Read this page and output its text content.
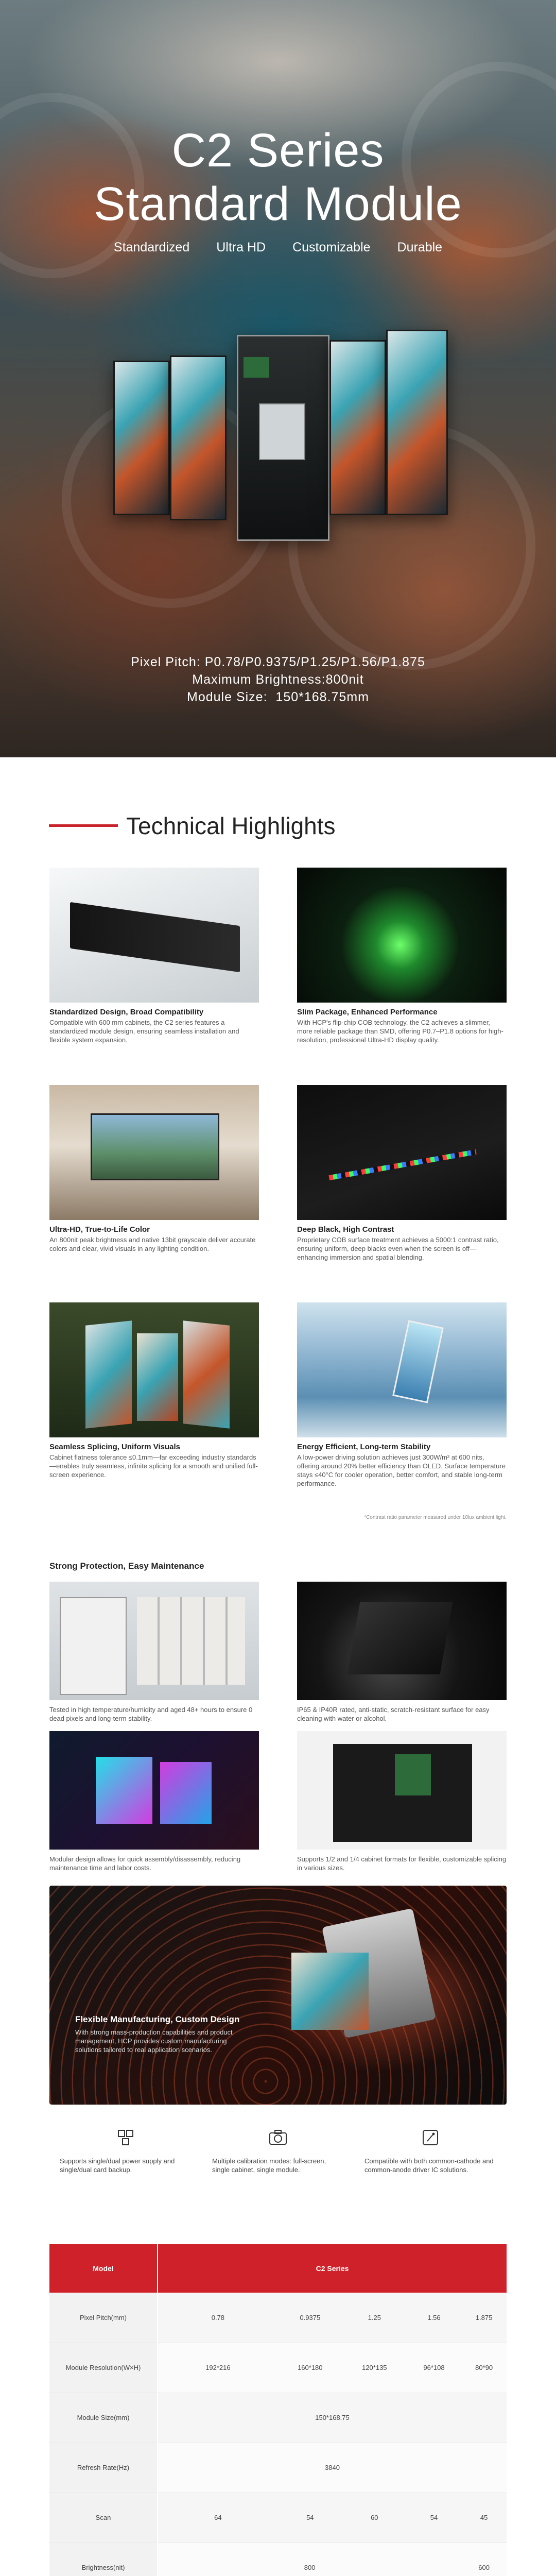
C2 Series
Standard Module
Standardized Ultra HD Customizable Durable
Pixel Pitch: P0.78/P0.9375/P1.25/P1.56/P1.875
Maximum Brightness:800nit
Module Size:  150*168.75mm
Technical Highlights
Standardized Design, Broad Compatibility
Compatible with 600 mm cabinets, the C2 series features a standardized module design, ensuring seamless installation and flexible system expansion.
Slim Package, Enhanced Performance
With HCP's flip-chip COB technology, the C2 achieves a slimmer, more reliable package than SMD, offering P0.7–P1.8 options for high-resolution, professional Ultra-HD display quality.
Ultra-HD, True-to-Life Color
An 800nit peak brightness and native 13bit grayscale deliver accurate colors and clear, vivid visuals in any lighting condition.
Deep Black, High Contrast
Proprietary COB surface treatment achieves a 5000:1 contrast ratio, ensuring uniform, deep blacks even when the screen is off—enhancing immersion and spatial blending.
Seamless Splicing, Uniform Visuals
Cabinet flatness tolerance ≤0.1mm—far exceeding industry standards—enables truly seamless, infinite splicing for a smooth and unified full-screen experience.
Energy Efficient, Long-term Stability
A low-power driving solution achieves just 300W/m² at 600 nits, offering around 20% better efficiency than OLED. Surface temperature stays ≤40°C for cooler operation, better comfort, and stable long-term performance.
*Contrast ratio parameter measured under 10lux ambient light.
Strong Protection, Easy Maintenance
Tested in high temperature/humidity and aged 48+ hours to ensure 0 dead pixels and long-term stability.
IP65 & IP40R rated, anti-static, scratch-resistant surface for easy cleaning with water or alcohol.
Modular design allows for quick assembly/disassembly, reducing maintenance time and labor costs.
Supports 1/2 and 1/4 cabinet formats for flexible, customizable splicing in various sizes.
Flexible Manufacturing, Custom Design
With strong mass-production capabilities and product management, HCP provides custom manufacturing solutions tailored to real application scenarios.
Supports single/dual power supply and single/dual card backup.
Multiple calibration modes: full-screen, single cabinet, single module.
Compatible with both common-cathode and common-anode driver IC solutions.
Model	C2 Series				
Pixel Pitch(mm)	0.78	0.9375	1.25	1.56	1.875
Module Resolution(W×H)	192*216	160*180	120*135	96*108	80*90
Module Size(mm)	150*168.75				
Refresh Rate(Hz)	3840				
Scan	64	54	60	54	45
Brightness(nit)	800				600
